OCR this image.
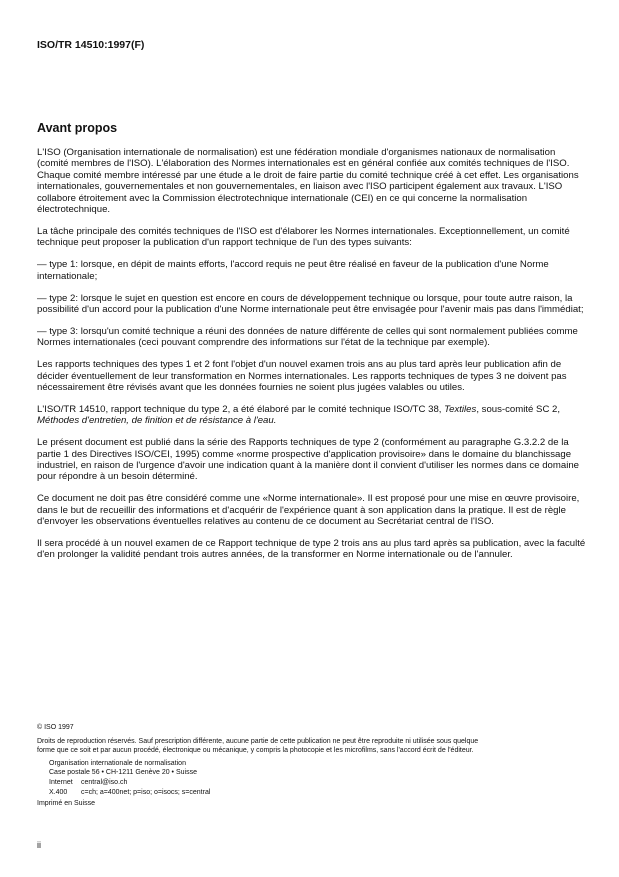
ISO/TR 14510:1997(F)
Avant propos

L'ISO (Organisation internationale de normalisation) est une fédération mondiale d'organismes nationaux de normalisation (comité membres de l'ISO). L'élaboration des Normes internationales est en général confiée aux comités techniques de l'ISO. Chaque comité membre intéressé par une étude a le droit de faire partie du comité technique créé à cet effet. Les organisations internationales, gouvernementales et non gouvernementales, en liaison avec l'ISO participent également aux travaux. L'ISO collabore étroitement avec la Commission électrotechnique internationale (CEI) en ce qui concerne la normalisation électrotechnique.

La tâche principale des comités techniques de l'ISO est d'élaborer les Normes internationales. Exceptionnellement, un comité technique peut proposer la publication d'un rapport technique de l'un des types suivants:

— type 1: lorsque, en dépit de maints efforts, l'accord requis ne peut être réalisé en faveur de la publication d'une Norme internationale;

— type 2: lorsque le sujet en question est encore en cours de développement technique ou lorsque, pour toute autre raison, la possibilité d'un accord pour la publication d'une Norme internationale peut être envisagée pour l'avenir mais pas dans l'immédiat;

— type 3: lorsqu'un comité technique a réuni des données de nature différente de celles qui sont normalement publiées comme Normes internationales (ceci pouvant comprendre des informations sur l'état de la technique par exemple).

Les rapports techniques des types 1 et 2 font l'objet d'un nouvel examen trois ans au plus tard après leur publication afin de décider éventuellement de leur transformation en Normes internationales. Les rapports techniques de types 3 ne doivent pas nécessairement être révisés avant que les données fournies ne soient plus jugées valables ou utiles.

L'ISO/TR 14510, rapport technique du type 2, a été élaboré par le comité technique ISO/TC 38, Textiles, sous-comité SC 2, Méthodes d'entretien, de finition et de résistance à l'eau.

Le présent document est publié dans la série des Rapports techniques de type 2 (conformément au paragraphe G.3.2.2 de la partie 1 des Directives ISO/CEI, 1995) comme «norme prospective d'application provisoire» dans le domaine du blanchissage industriel, en raison de l'urgence d'avoir une indication quant à la manière dont il convient d'utiliser les normes dans ce domaine pour répondre à un besoin déterminé.

Ce document ne doit pas être considéré comme une «Norme internationale». Il est proposé pour une mise en œuvre provisoire, dans le but de recueillir des informations et d'acquérir de l'expérience quant à son application dans la pratique. Il est de règle d'envoyer les observations éventuelles relatives au contenu de ce document au Secrétariat central de l'ISO.

Il sera procédé à un nouvel examen de ce Rapport technique de type 2 trois ans au plus tard après sa publication, avec la faculté d'en prolonger la validité pendant trois autres années, de la transformer en Norme internationale ou de l'annuler.

© ISO 1997
Droits de reproduction réservés. Sauf prescription différente, aucune partie de cette publication ne peut être reproduite ni utilisée sous quelque
forme que ce soit et par aucun procédé, électronique ou mécanique, y compris la photocopie et les microfilms, sans l'accord écrit de l'éditeur.
Organisation internationale de normalisation
Case postale 56 • CH-1211 Genève 20 • Suisse
Internet central@iso.ch
X.400 c=ch; a=400net; p=iso; o=isocs; s=central
Imprimé en Suisse
ii
